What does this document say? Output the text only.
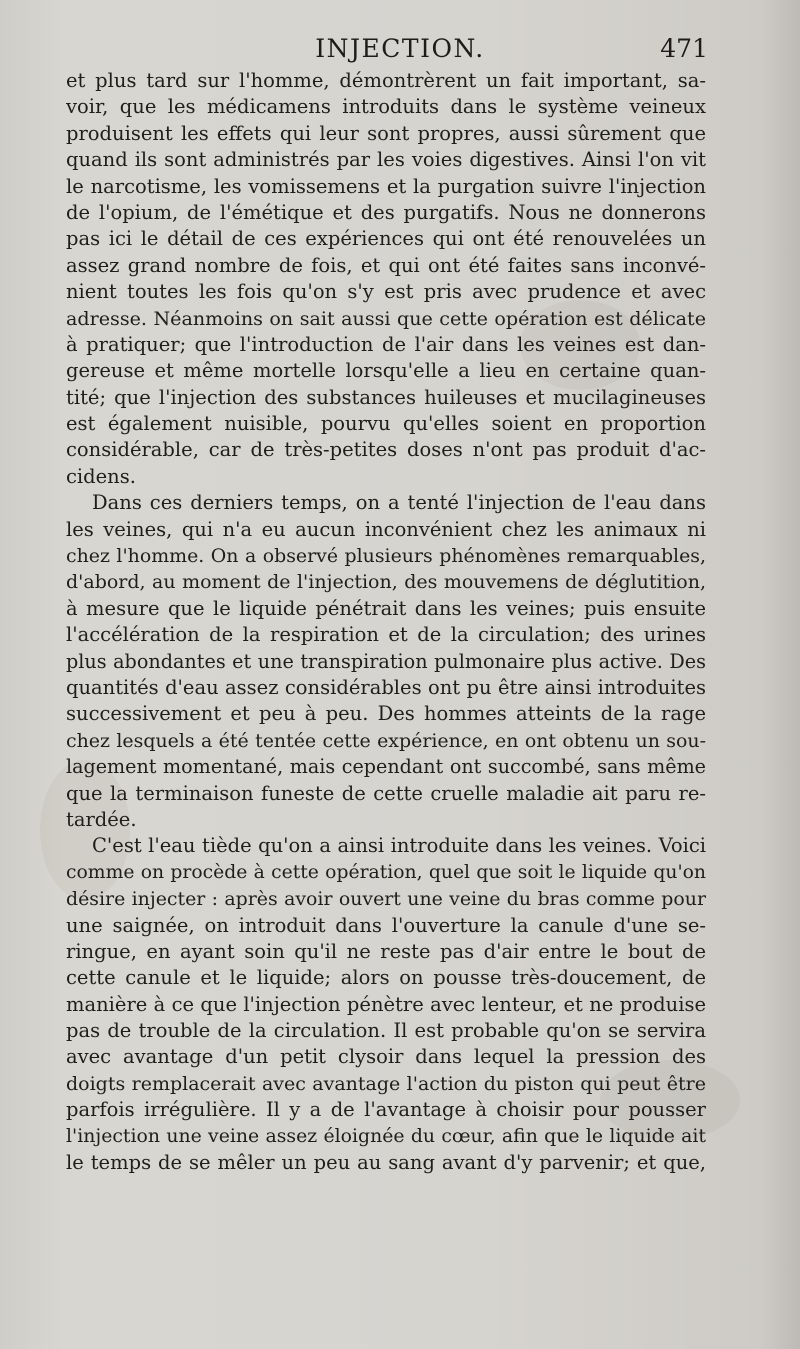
INJECTION.	471
et plus tard sur l'homme, démontrèrent un fait important, sa-
voir, que les médicamens introduits dans le système veineux
produisent les effets qui leur sont propres, aussi sûrement que
quand ils sont administrés par les voies digestives. Ainsi l'on vit
le narcotisme, les vomissemens et la purgation suivre l'injection
de l'opium, de l'émétique et des purgatifs. Nous ne donnerons
pas ici le détail de ces expériences qui ont été renouvelées un
assez grand nombre de fois, et qui ont été faites sans inconvé-
nient toutes les fois qu'on s'y est pris avec prudence et avec
adresse. Néanmoins on sait aussi que cette opération est délicate
à pratiquer; que l'introduction de l'air dans les veines est dan-
gereuse et même mortelle lorsqu'elle a lieu en certaine quan-
tité; que l'injection des substances huileuses et mucilagineuses
est également nuisible, pourvu qu'elles soient en proportion
considérable, car de très-petites doses n'ont pas produit d'ac-
cidens.
Dans ces derniers temps, on a tenté l'injection de l'eau dans
les veines, qui n'a eu aucun inconvénient chez les animaux ni
chez l'homme. On a observé plusieurs phénomènes remarquables,
d'abord, au moment de l'injection, des mouvemens de déglutition,
à mesure que le liquide pénétrait dans les veines; puis ensuite
l'accélération de la respiration et de la circulation; des urines
plus abondantes et une transpiration pulmonaire plus active. Des
quantités d'eau assez considérables ont pu être ainsi introduites
successivement et peu à peu. Des hommes atteints de la rage
chez lesquels a été tentée cette expérience, en ont obtenu un sou-
lagement momentané, mais cependant ont succombé, sans même
que la terminaison funeste de cette cruelle maladie ait paru re-
tardée.
C'est l'eau tiède qu'on a ainsi introduite dans les veines. Voici
comme on procède à cette opération, quel que soit le liquide qu'on
désire injecter : après avoir ouvert une veine du bras comme pour
une saignée, on introduit dans l'ouverture la canule d'une se-
ringue, en ayant soin qu'il ne reste pas d'air entre le bout de
cette canule et le liquide; alors on pousse très-doucement, de
manière à ce que l'injection pénètre avec lenteur, et ne produise
pas de trouble de la circulation. Il est probable qu'on se servira
avec avantage d'un petit clysoir dans lequel la pression des
doigts remplacerait avec avantage l'action du piston qui peut être
parfois irrégulière. Il y a de l'avantage à choisir pour pousser
l'injection une veine assez éloignée du cœur, afin que le liquide ait
le temps de se mêler un peu au sang avant d'y parvenir; et que,
